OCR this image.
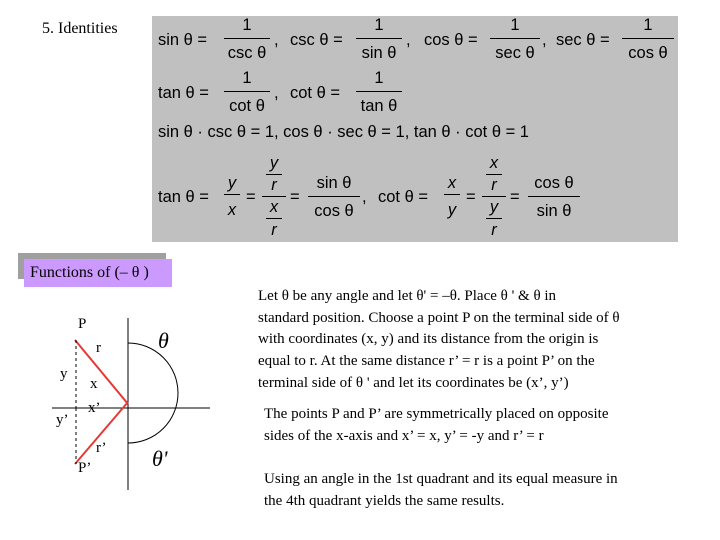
5. Identities
sin θ =
1
csc θ
, csc θ =
1
sin θ
, cos θ =
1
sec θ
, sec θ =
1
cos θ
tan θ =
1
cot θ
, cot θ =
1
tan θ
sin θ · csc θ = 1, cos θ · sec θ = 1, tan θ · cot θ = 1
tan θ =
y
x
=
y
r
x
r
=
sin θ
cos θ
, cot θ =
x
y
=
x
r
y
r
=
cos θ
sin θ
Functions of (– θ )
P
r
y
x
x’
y’
r’
P’
θ
θ'
Let θ be any angle and let θ' = –θ. Place θ ' & θ in
standard position. Choose a point P on the terminal side of θ
with coordinates (x, y) and its distance from the origin is
equal to r. At the same distance r’ = r is a point P’ on the
terminal side of θ ' and let its coordinates be (x’, y’)
The points P and P’ are symmetrically placed on opposite
sides of the x-axis and x’ = x, y’ = -y and r’ = r
Using an angle in the 1st quadrant and its equal measure in
the 4th quadrant yields the same results.
